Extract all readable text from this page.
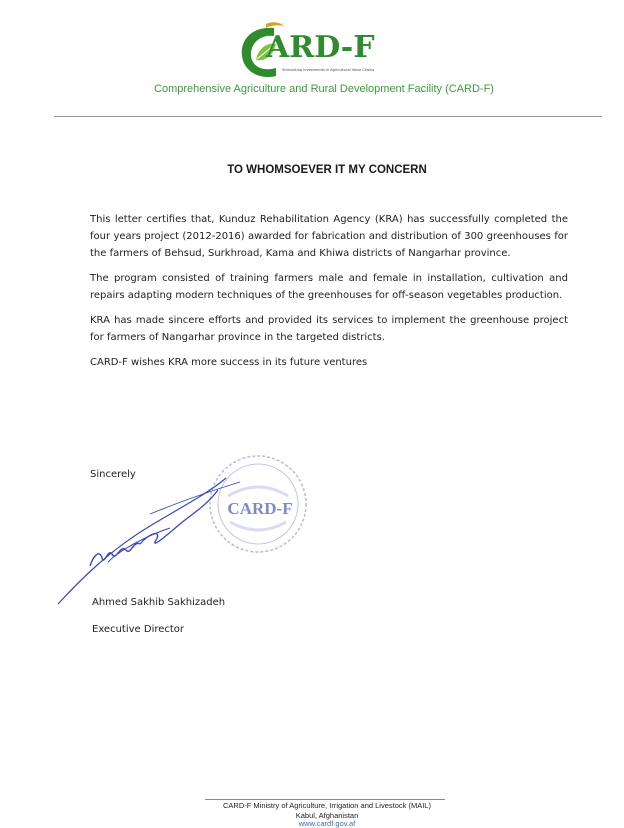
ARD-F
Stimulating Investments in Agricultural Value Chains
Comprehensive Agriculture and Rural Development Facility (CARD-F)
TO WHOMSOEVER IT MY CONCERN

This letter certifies that, Kunduz Rehabilitation Agency (KRA) has successfully completed the four years project (2012-2016) awarded for fabrication and distribution of 300 greenhouses for the farmers of Behsud, Surkhroad, Kama and Khiwa districts of Nangarhar province.

The program consisted of training farmers male and female in installation, cultivation and repairs adapting modern techniques of the greenhouses for off-season vegetables production.

KRA has made sincere efforts and provided its services to implement the greenhouse project for farmers of Nangarhar province in the targeted districts.

CARD-F wishes KRA more success in its future ventures

Sincerely
CARD-F
Ahmed Sakhib Sakhizadeh
Executive Director
CARD-F Ministry of Agriculture, Irrigation and Livestock (MAIL)
Kabul, Afghanistan
www.cardf.gov.af
